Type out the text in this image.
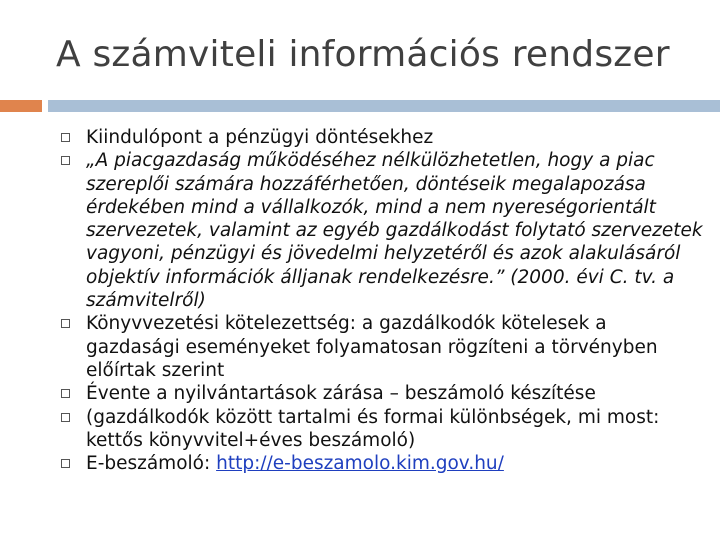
A számviteli információs rendszer
Kiindulópont a pénzügyi döntésekhez
„A piacgazdaság működéséhez nélkülözhetetlen, hogy a piac szereplői számára hozzáférhetően, döntéseik megalapozása érdekében mind a vállalkozók, mind a nem nyereségorientált szervezetek, valamint az egyéb gazdálkodást folytató szervezetek vagyoni, pénzügyi és jövedelmi helyzetéről és azok alakulásáról objektív információk álljanak rendelkezésre.” (2000. évi C. tv. a számvitelről)
Könyvvezetési kötelezettség: a gazdálkodók kötelesek a gazdasági eseményeket folyamatosan rögzíteni a törvényben előírtak szerint
Évente a nyilvántartások zárása – beszámoló készítése
(gazdálkodók között tartalmi és formai különbségek, mi most: kettős könyvvitel+éves beszámoló)
E-beszámoló: http://e-beszamolo.kim.gov.hu/
